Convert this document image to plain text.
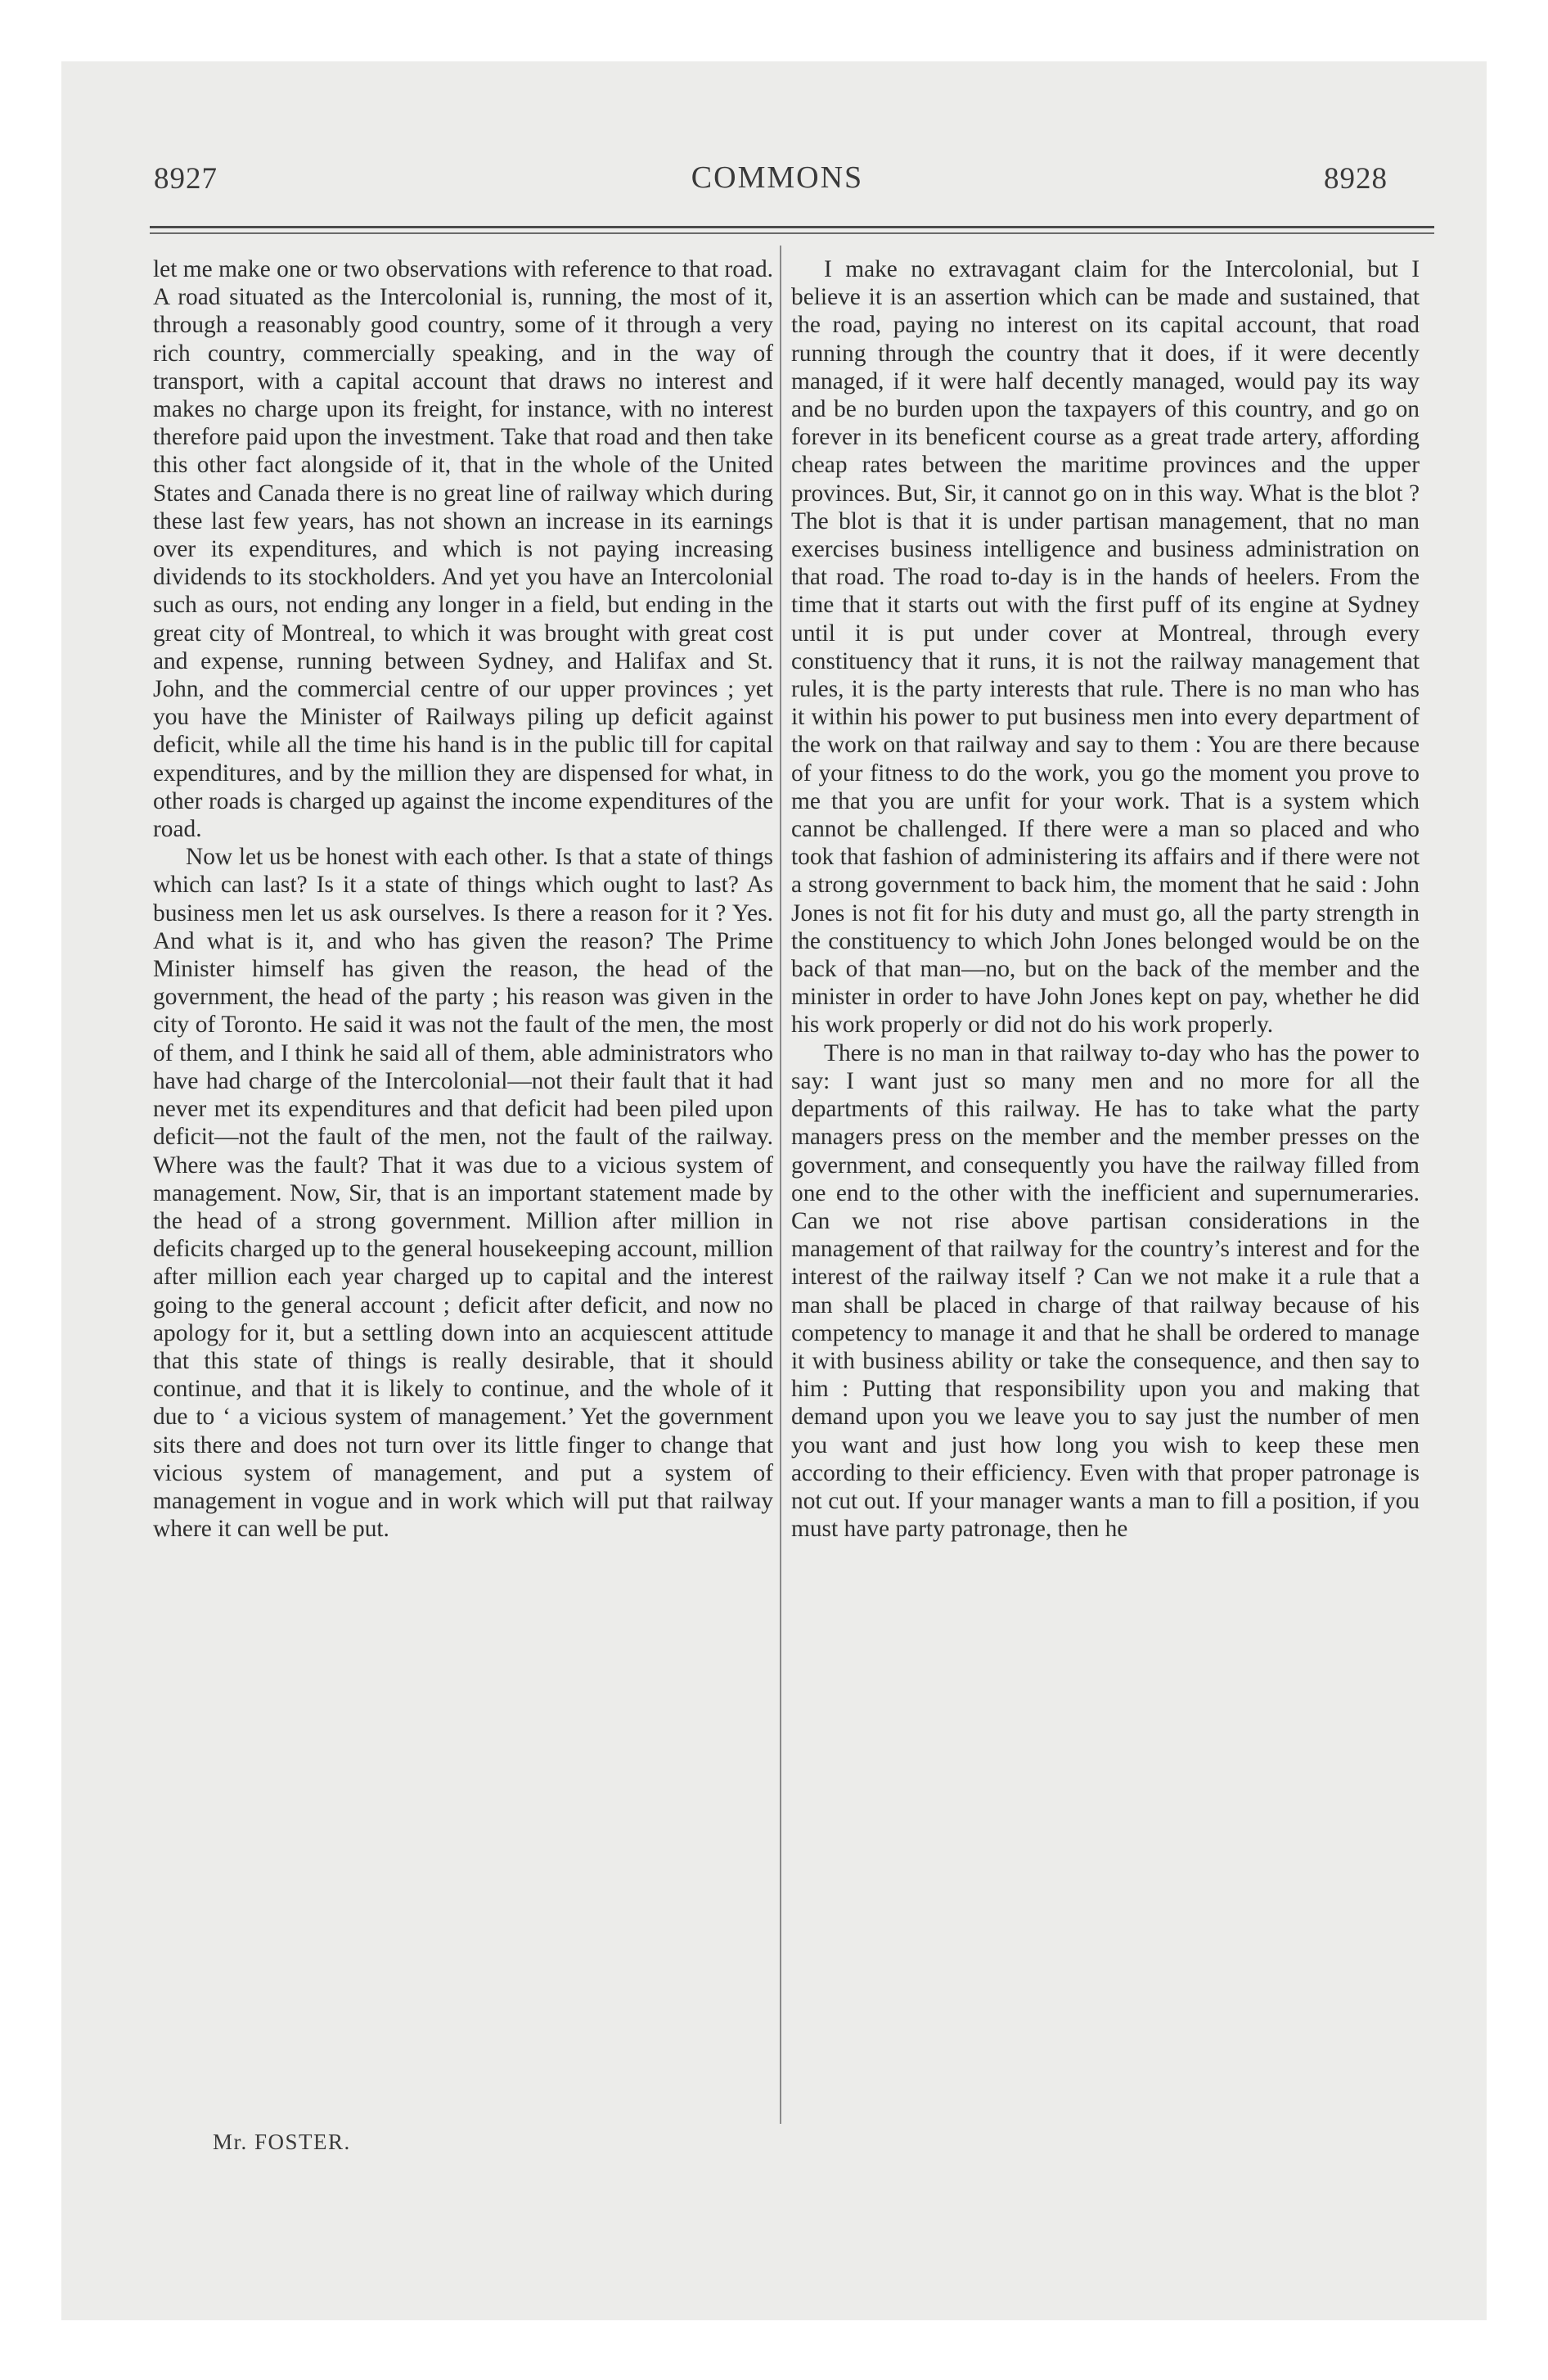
8927	COMMONS	8928

let me make one or two observations with reference to that road. A road situated as the Intercolonial is, running, the most of it, through a reasonably good country, some of it through a very rich country, commercially speaking, and in the way of transport, with a capital account that draws no interest and makes no charge upon its freight, for instance, with no interest therefore paid upon the investment. Take that road and then take this other fact alongside of it, that in the whole of the United States and Canada there is no great line of railway which during these last few years, has not shown an increase in its earnings over its expenditures, and which is not paying increasing dividends to its stockholders. And yet you have an Intercolonial such as ours, not ending any longer in a field, but ending in the great city of Montreal, to which it was brought with great cost and expense, running between Sydney, and Halifax and St. John, and the commercial centre of our upper provinces ; yet you have the Minister of Railways piling up deficit against deficit, while all the time his hand is in the public till for capital expenditures, and by the million they are dispensed for what, in other roads is charged up against the income expenditures of the road.

Now let us be honest with each other. Is that a state of things which can last? Is it a state of things which ought to last? As business men let us ask ourselves. Is there a reason for it ? Yes. And what is it, and who has given the reason? The Prime Minister himself has given the reason, the head of the government, the head of the party ; his reason was given in the city of Toronto. He said it was not the fault of the men, the most of them, and I think he said all of them, able administrators who have had charge of the Intercolonial—not their fault that it had never met its expenditures and that deficit had been piled upon deficit—not the fault of the men, not the fault of the railway. Where was the fault? That it was due to a vicious system of management. Now, Sir, that is an important statement made by the head of a strong government. Million after million in deficits charged up to the general housekeeping account, million after million each year charged up to capital and the interest going to the general account ; deficit after deficit, and now no apology for it, but a settling down into an acquiescent attitude that this state of things is really desirable, that it should continue, and that it is likely to continue, and the whole of it due to ‘ a vicious system of management.’ Yet the government sits there and does not turn over its little finger to change that vicious system of management, and put a system of management in vogue and in work which will put that railway where it can well be put.

I make no extravagant claim for the Intercolonial, but I believe it is an assertion which can be made and sustained, that the road, paying no interest on its capital account, that road running through the country that it does, if it were decently managed, if it were half decently managed, would pay its way and be no burden upon the taxpayers of this country, and go on forever in its beneficent course as a great trade artery, affording cheap rates between the maritime provinces and the upper provinces. But, Sir, it cannot go on in this way. What is the blot ? The blot is that it is under partisan management, that no man exercises business intelligence and business administration on that road. The road to-day is in the hands of heelers. From the time that it starts out with the first puff of its engine at Sydney until it is put under cover at Montreal, through every constituency that it runs, it is not the railway management that rules, it is the party interests that rule. There is no man who has it within his power to put business men into every department of the work on that railway and say to them : You are there because of your fitness to do the work, you go the moment you prove to me that you are unfit for your work. That is a system which cannot be challenged. If there were a man so placed and who took that fashion of administering its affairs and if there were not a strong government to back him, the moment that he said : John Jones is not fit for his duty and must go, all the party strength in the constituency to which John Jones belonged would be on the back of that man—no, but on the back of the member and the minister in order to have John Jones kept on pay, whether he did his work properly or did not do his work properly.

There is no man in that railway to-day who has the power to say: I want just so many men and no more for all the departments of this railway. He has to take what the party managers press on the member and the member presses on the government, and consequently you have the railway filled from one end to the other with the inefficient and supernumeraries. Can we not rise above partisan considerations in the management of that railway for the country’s interest and for the interest of the railway itself ? Can we not make it a rule that a man shall be placed in charge of that railway because of his competency to manage it and that he shall be ordered to manage it with business ability or take the consequence, and then say to him : Putting that responsibility upon you and making that demand upon you we leave you to say just the number of men you want and just how long you wish to keep these men according to their efficiency. Even with that proper patronage is not cut out. If your manager wants a man to fill a position, if you must have party patronage, then he

Mr. FOSTER.
